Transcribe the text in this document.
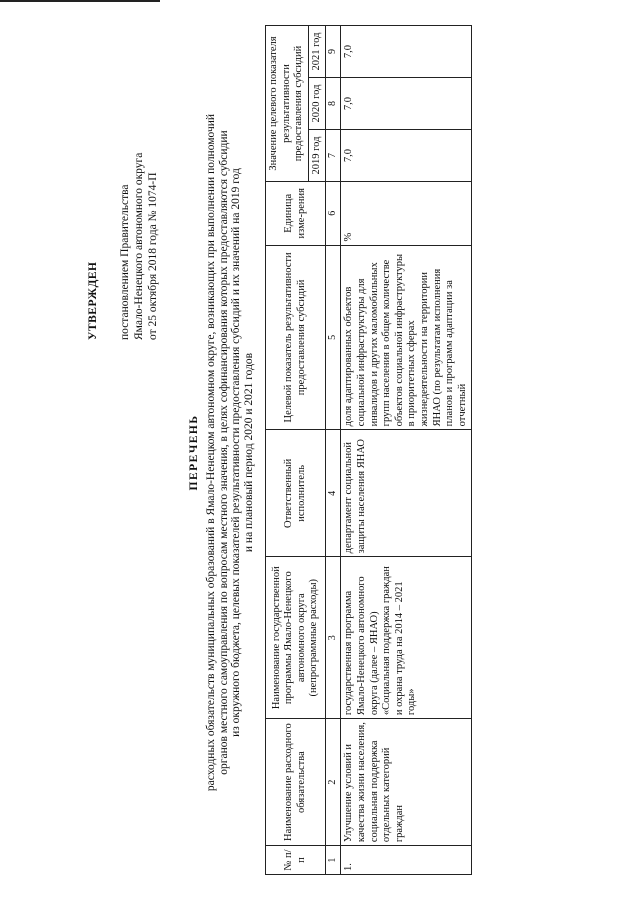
УТВЕРЖДЕН постановлением Правительства Ямало-Ненецкого автономного округа от 25 октября 2018 года № 1074-П
ПЕРЕЧЕНЬ расходных обязательств муниципальных образований в Ямало-Ненецком автономном округе, возникающих при выполнении полномочий органов местного самоуправления по вопросам местного значения, в целях софинансирования которых предоставляются субсидии из окружного бюджета, целевых показателей результативности предоставления субсидий и их значений на 2019 год и на плановый период 2020 и 2021 годов
№ п/п	Наименование расходного обязательства	Наименование государственной программы Ямало-Ненецкого автономного округа (непрограммные расходы)	Ответственный исполнитель	Целевой показатель результативности предоставления субсидий	Единица изме-рения	Значение целевого показателя результативности предоставления субсидий		
						2019 год	2020 год	2021 год
1	2	3	4	5	6	7	8	9
1.	Улучшение условий и качества жизни населения, социальная поддержка отдельных категорий граждан	государственная программа Ямало-Ненецкого автономного округа (далее – ЯНАО) «Социальная поддержка граждан и охрана труда на 2014 – 2021 годы»	департамент социальной защиты населения ЯНАО	доля адаптированных объектов социальной инфраструктуры для инвалидов и других маломобильных групп населения в общем количестве объектов социальной инфраструктуры в приоритетных сферах жизнедеятельности на территории ЯНАО (по результатам исполнения планов и программ адаптации за отчетный	%	7,0	7,0	7,0
